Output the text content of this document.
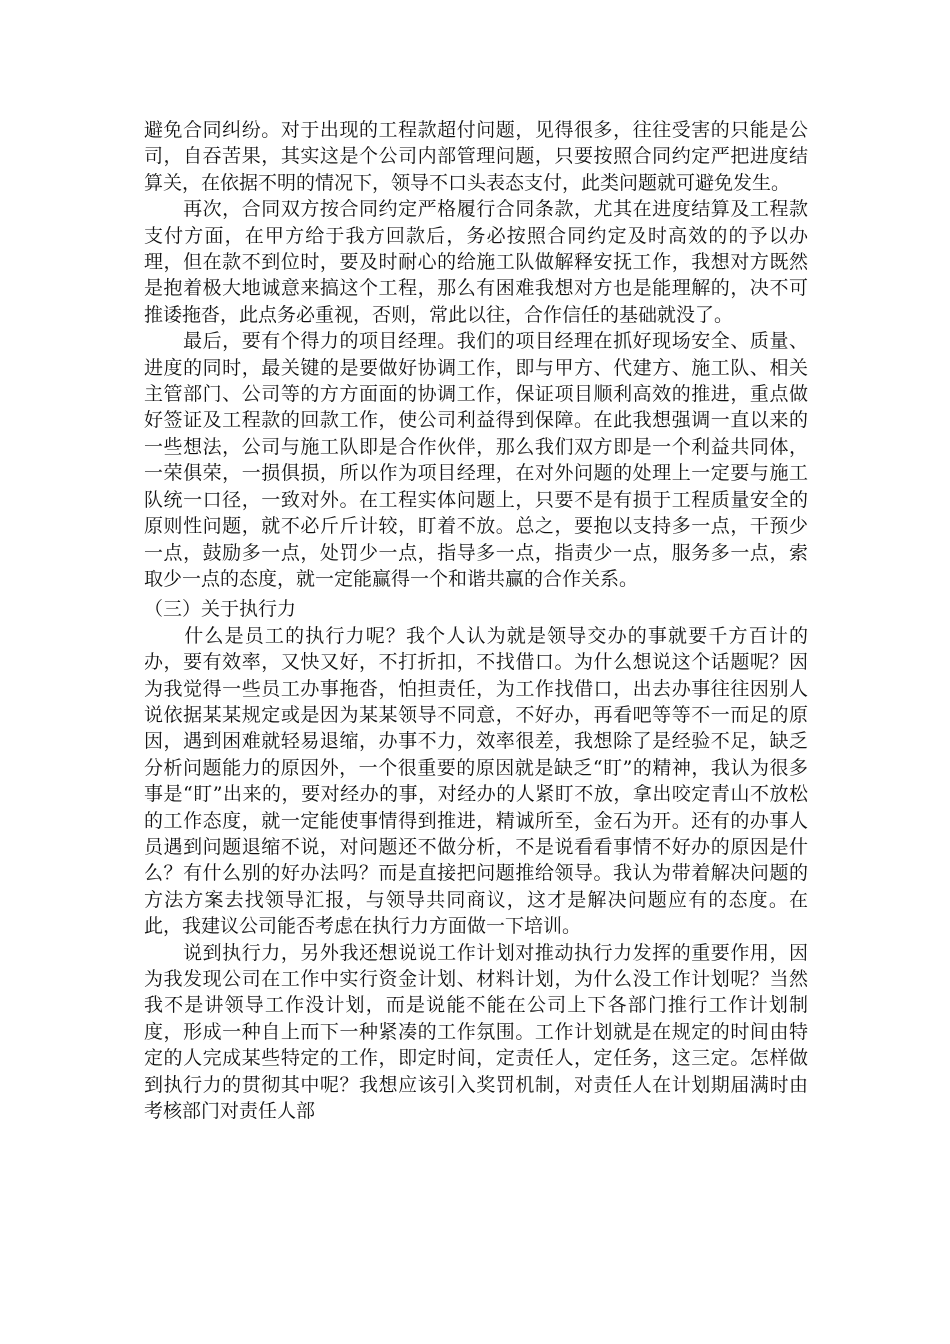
避免合同纠纷。对于出现的工程款超付问题，见得很多，往往受害的只能是公司，自吞苦果，其实这是个公司内部管理问题，只要按照合同约定严把进度结算关，在依据不明的情况下，领导不口头表态支付，此类问题就可避免发生。

　　再次，合同双方按合同约定严格履行合同条款，尤其在进度结算及工程款支付方面，在甲方给于我方回款后，务必按照合同约定及时高效的的予以办理，但在款不到位时，要及时耐心的给施工队做解释安抚工作，我想对方既然是抱着极大地诚意来搞这个工程，那么有困难我想对方也是能理解的，决不可推诿拖沓，此点务必重视，否则，常此以往，合作信任的基础就没了。

　　最后，要有个得力的项目经理。我们的项目经理在抓好现场安全、质量、进度的同时，最关键的是要做好协调工作，即与甲方、代建方、施工队、相关主管部门、公司等的方方面面的协调工作，保证项目顺利高效的推进，重点做好签证及工程款的回款工作，使公司利益得到保障。在此我想强调一直以来的一些想法，公司与施工队即是合作伙伴，那么我们双方即是一个利益共同体，一荣俱荣，一损俱损，所以作为项目经理，在对外问题的处理上一定要与施工队统一口径，一致对外。在工程实体问题上，只要不是有损于工程质量安全的原则性问题，就不必斤斤计较，盯着不放。总之，要抱以支持多一点，干预少一点，鼓励多一点，处罚少一点，指导多一点，指责少一点，服务多一点，索取少一点的态度，就一定能赢得一个和谐共赢的合作关系。

（三）关于执行力

　　什么是员工的执行力呢？我个人认为就是领导交办的事就要千方百计的办，要有效率，又快又好，不打折扣，不找借口。为什么想说这个话题呢？因为我觉得一些员工办事拖沓，怕担责任，为工作找借口，出去办事往往因别人说依据某某规定或是因为某某领导不同意，不好办，再看吧等等不一而足的原因，遇到困难就轻易退缩，办事不力，效率很差，我想除了是经验不足，缺乏分析问题能力的原因外，一个很重要的原因就是缺乏“盯”的精神，我认为很多事是“盯”出来的，要对经办的事，对经办的人紧盯不放，拿出咬定青山不放松的工作态度，就一定能使事情得到推进，精诚所至，金石为开。还有的办事人员遇到问题退缩不说，对问题还不做分析，不是说看看事情不好办的原因是什么？有什么别的好办法吗？而是直接把问题推给领导。我认为带着解决问题的方法方案去找领导汇报，与领导共同商议，这才是解决问题应有的态度。在此，我建议公司能否考虑在执行力方面做一下培训。

　　说到执行力，另外我还想说说工作计划对推动执行力发挥的重要作用，因为我发现公司在工作中实行资金计划、材料计划，为什么没工作计划呢？当然我不是讲领导工作没计划，而是说能不能在公司上下各部门推行工作计划制度，形成一种自上而下一种紧凑的工作氛围。工作计划就是在规定的时间由特定的人完成某些特定的工作，即定时间，定责任人，定任务，这三定。怎样做到执行力的贯彻其中呢？我想应该引入奖罚机制，对责任人在计划期届满时由考核部门对责任人部
